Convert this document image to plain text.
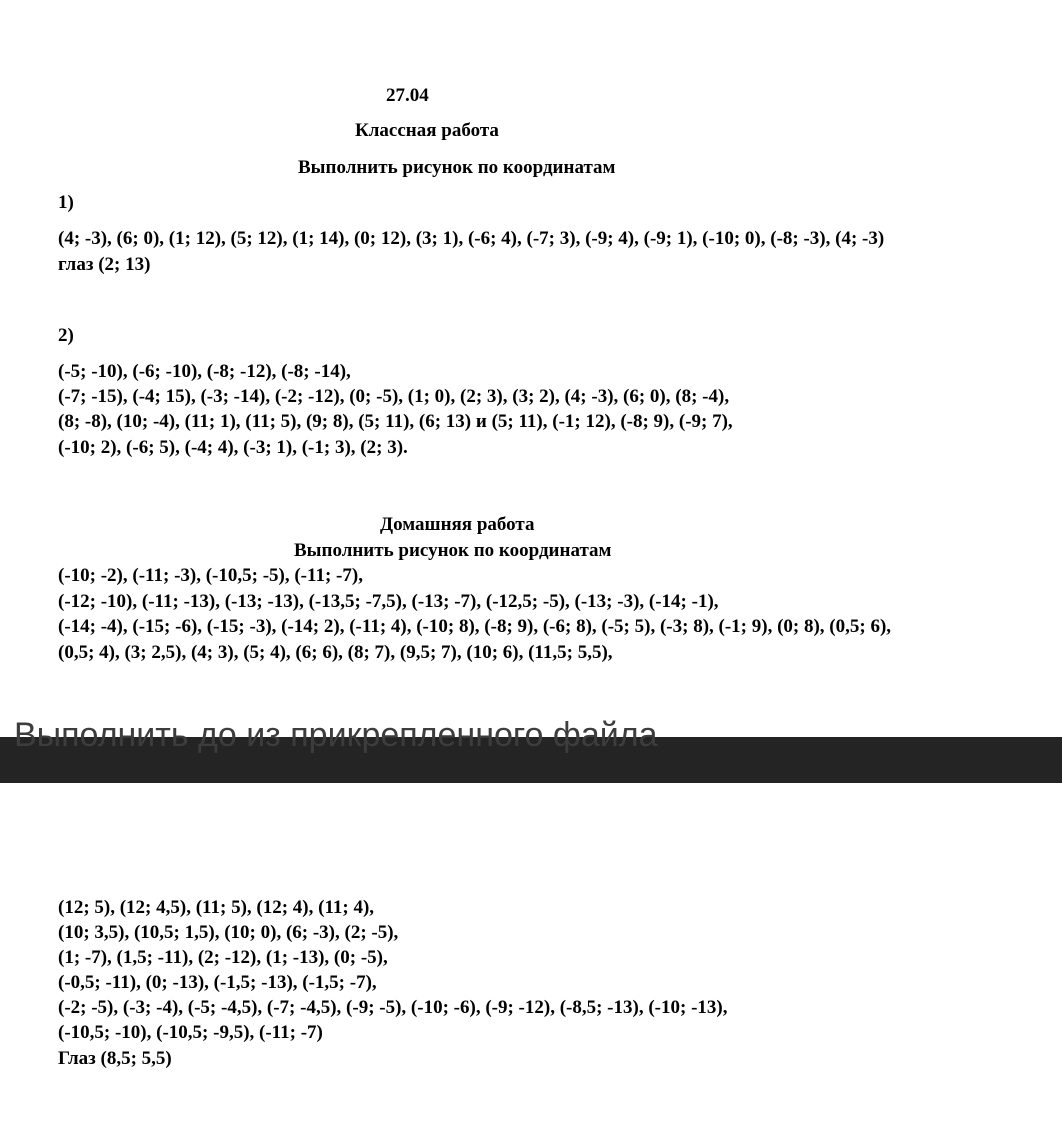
27.04
Классная работа
Выполнить рисунок по координатам
1)
(4; -3), (6; 0), (1; 12), (5; 12), (1; 14), (0; 12), (3; 1), (-6; 4), (-7; 3), (-9; 4), (-9; 1), (-10; 0), (-8; -3), (4; -3)
глаз (2; 13)
2)
(-5; -10), (-6; -10), (-8; -12), (-8; -14),
(-7; -15), (-4; 15), (-3; -14), (-2; -12), (0; -5), (1; 0), (2; 3), (3; 2), (4; -3), (6; 0), (8; -4),
(8; -8), (10; -4), (11; 1), (11; 5), (9; 8), (5; 11), (6; 13) и (5; 11), (-1; 12), (-8; 9), (-9; 7),
(-10; 2), (-6; 5), (-4; 4), (-3; 1), (-1; 3), (2; 3).
Домашняя работа
Выполнить рисунок по координатам
(-10; -2), (-11; -3), (-10,5; -5), (-11; -7),
(-12; -10), (-11; -13), (-13; -13), (-13,5; -7,5), (-13; -7), (-12,5; -5), (-13; -3), (-14; -1),
(-14; -4), (-15; -6), (-15; -3), (-14; 2), (-11; 4), (-10; 8), (-8; 9), (-6; 8), (-5; 5), (-3; 8), (-1; 9), (0; 8), (0,5; 6),
(0,5; 4), (3; 2,5), (4; 3), (5; 4), (6; 6), (8; 7), (9,5; 7), (10; 6), (11,5; 5,5),
Выполнить до из прикрепленного файла
(12; 5), (12; 4,5), (11; 5), (12; 4), (11; 4),
(10; 3,5), (10,5; 1,5), (10; 0), (6; -3), (2; -5),
(1; -7), (1,5; -11), (2; -12), (1; -13), (0; -5),
(-0,5; -11), (0; -13), (-1,5; -13), (-1,5; -7),
(-2; -5), (-3; -4), (-5; -4,5), (-7; -4,5), (-9; -5), (-10; -6), (-9; -12), (-8,5; -13), (-10; -13),
(-10,5; -10), (-10,5; -9,5), (-11; -7)
Глаз (8,5; 5,5)
